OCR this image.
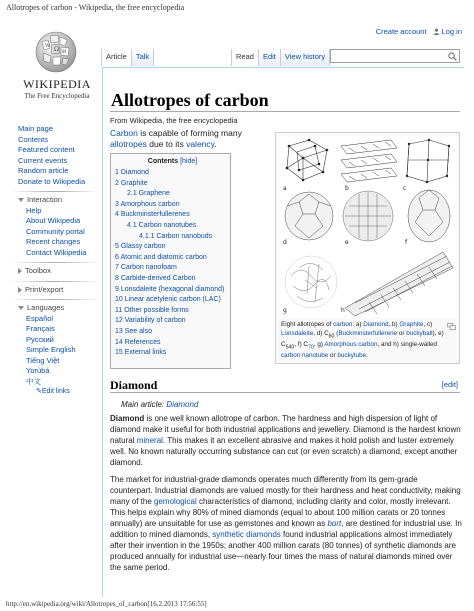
Allotropes of carbon - Wikipedia, the free encyclopedia
Ω
W
И
WIKIPEDIA
The Free Encyclopedia
Create account	Log in
Article	Talk	Read	Edit	View history
Main page
Contents
Featured content
Current events
Random article
Donate to Wikipedia
Interaction
Help
About Wikipedia
Community portal
Recent changes
Contact Wikipedia
Toolbox
Print/export
Languages
Español
Français
Русский
Simple English
Tiếng Việt
Yorùbá
中文
✎Edit links
Allotropes of carbon
From Wikipedia, the free encyclopedia
Carbon is capable of forming many allotropes due to its valency.
Contents [hide]
1 Diamond
2 Graphite
2.1 Graphene
3 Amorphous carbon
4 Buckminsterfullerenes
4.1 Carbon nanotubes
4.1.1 Carbon nanobuds
5 Glassy carbon
6 Atomic and diatomic carbon
7 Carbon nanofoam
8 Carbide-derived Carbon
9 Lonsdaleite (hexagonal diamond)
10 Linear acetylenic carbon (LAC)
11 Other possible forms
12 Variability of carbon
13 See also
14 References
15 External links
a	b	c
d	e	f
g	h
Eight allotropes of carbon: a) Diamond, b) Graphite, c) Lonsdaleite, d) $C_{60}$ (Buckminsterfullerene or buckyball), e) $C_{540}$, f) $C_{70}$, g) Amorphous carbon, and h) single-walled carbon nanotube or buckytube.
Diamond	[edit]
Main article: Diamond

Diamond is one well known allotrope of carbon. The hardness and high dispersion of light of diamond make it useful for both industrial applications and jewellery. Diamond is the hardest known natural mineral. This makes it an excellent abrasive and makes it hold polish and luster extremely well. No known naturally occurring substance can cut (or even scratch) a diamond, except another diamond.

The market for industrial-grade diamonds operates much differently from its gem-grade counterpart. Industrial diamonds are valued mostly for their hardness and heat conductivity, making many of the gemological characteristics of diamond, including clarity and color, mostly irrelevant. This helps explain why 80% of mined diamonds (equal to about 100 million carats or 20 tonnes annually) are unsuitable for use as gemstones and known as bort, are destined for industrial use. In addition to mined diamonds, synthetic diamonds found industrial applications almost immediately after their invention in the 1950s; another 400 million carats (80 tonnes) of synthetic diamonds are produced annually for industrial use—nearly four times the mass of natural diamonds mined over the same period.

http://en.wikipedia.org/wiki/Allotropes_of_carbon[16.2.2013 17:56:55]
